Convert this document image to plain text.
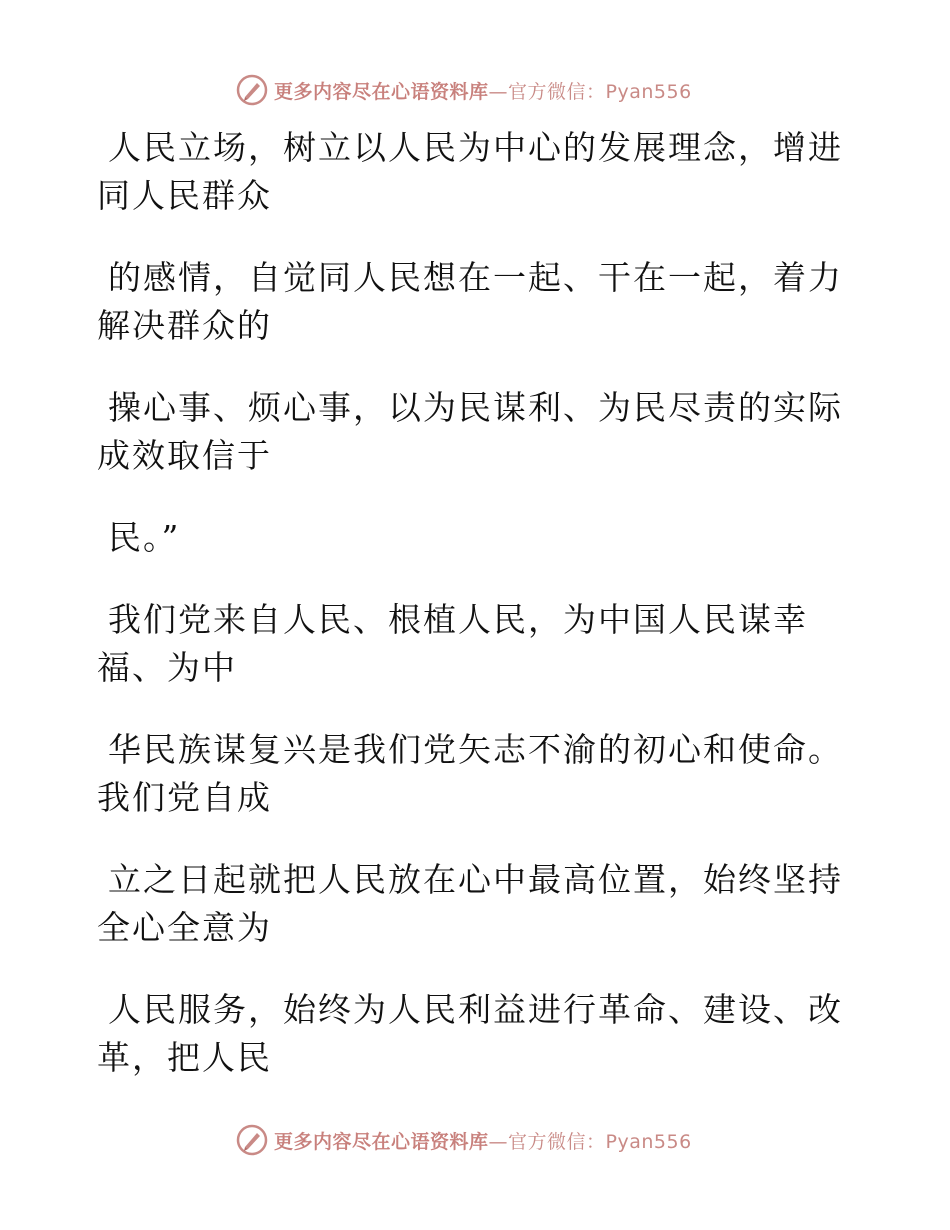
更多内容尽在心语资料库—官方微信：Pyan556
人民立场，树立以人民为中心的发展理念，增进
同人民群众
的感情，自觉同人民想在一起、干在一起，着力
解决群众的
操心事、烦心事，以为民谋利、为民尽责的实际
成效取信于
民。”
我们党来自人民、根植人民，为中国人民谋幸
福、为中
华民族谋复兴是我们党矢志不渝的初心和使命。
我们党自成
立之日起就把人民放在心中最高位置，始终坚持
全心全意为
人民服务，始终为人民利益进行革命、建设、改
革，把人民
更多内容尽在心语资料库—官方微信：Pyan556
